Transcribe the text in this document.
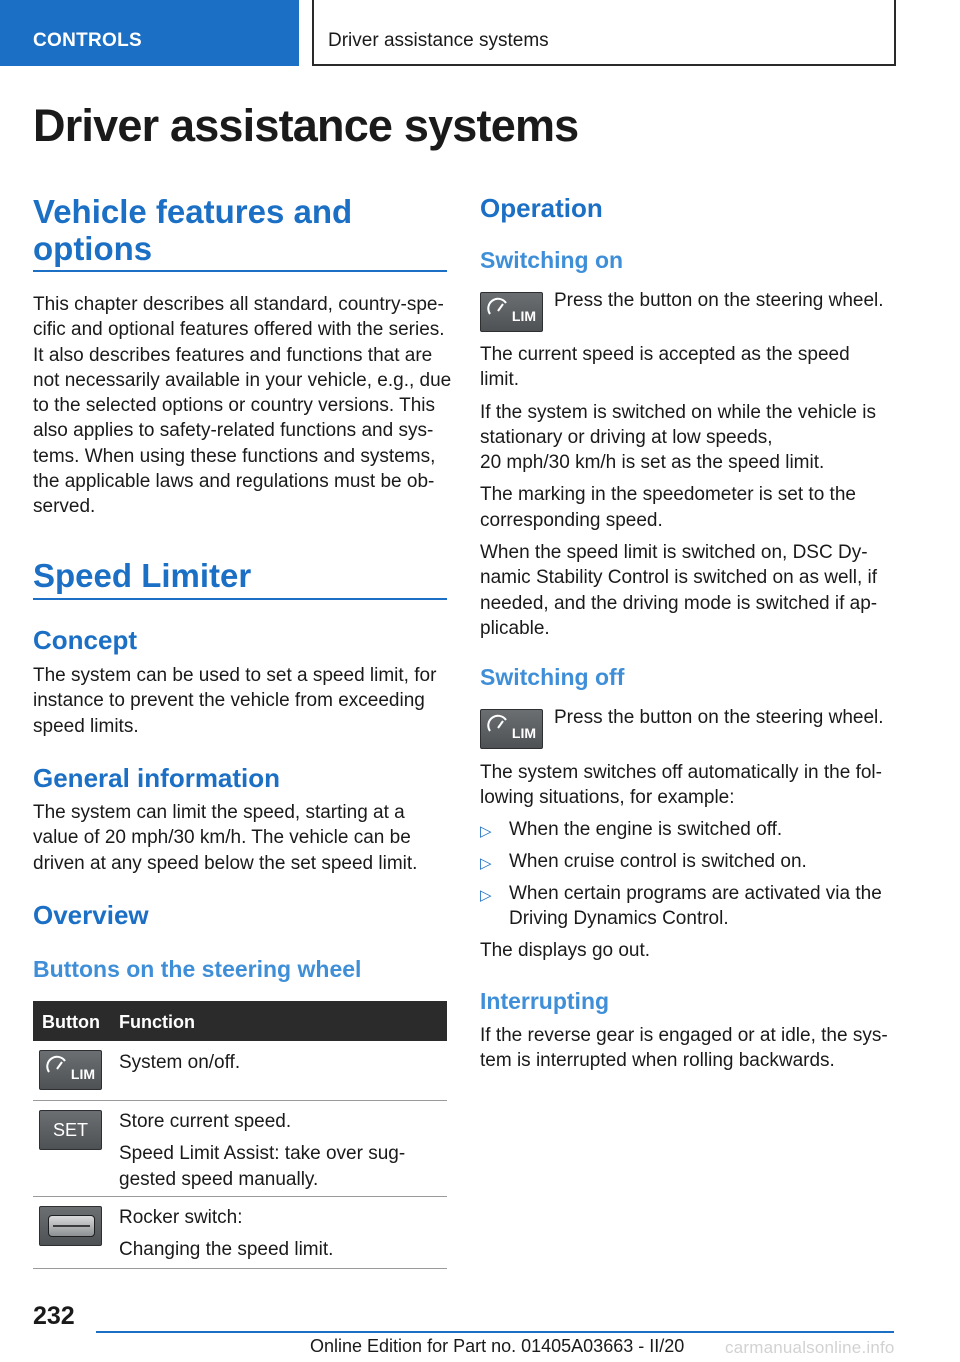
CONTROLS	Driver assistance systems
Driver assistance systems
Vehicle features and
options
This chapter describes all standard, country-spe‐
cific and optional features offered with the series.
It also describes features and functions that are
not necessarily available in your vehicle, e.g., due
to the selected options or country versions. This
also applies to safety-related functions and sys‐
tems. When using these functions and systems,
the applicable laws and regulations must be ob‐
served.
Speed Limiter
Concept
The system can be used to set a speed limit, for
instance to prevent the vehicle from exceeding
speed limits.
General information
The system can limit the speed, starting at a
value of 20 mph/30 km/h. The vehicle can be
driven at any speed below the set speed limit.
Overview
Buttons on the steering wheel
Button Function
LIM
System on/off.
SET	Store current speed.
Speed Limit Assist: take over sug‐
gested speed manually.
Rocker switch:
Changing the speed limit.
Operation
Switching on
LIM
Press the button on the steering wheel.
The current speed is accepted as the speed
limit.
If the system is switched on while the vehicle is
stationary or driving at low speeds,
20 mph/30 km/h is set as the speed limit.
The marking in the speedometer is set to the
corresponding speed.
When the speed limit is switched on, DSC Dy‐
namic Stability Control is switched on as well, if
needed, and the driving mode is switched if ap‐
plicable.
Switching off
LIM
Press the button on the steering wheel.
The system switches off automatically in the fol‐
lowing situations, for example:
▷ When the engine is switched off.
▷ When cruise control is switched on.
▷ When certain programs are activated via the
Driving Dynamics Control.
The displays go out.
Interrupting
If the reverse gear is engaged or at idle, the sys‐
tem is interrupted when rolling backwards.
232
Online Edition for Part no. 01405A03663 - II/20 carmanualsonline.info
